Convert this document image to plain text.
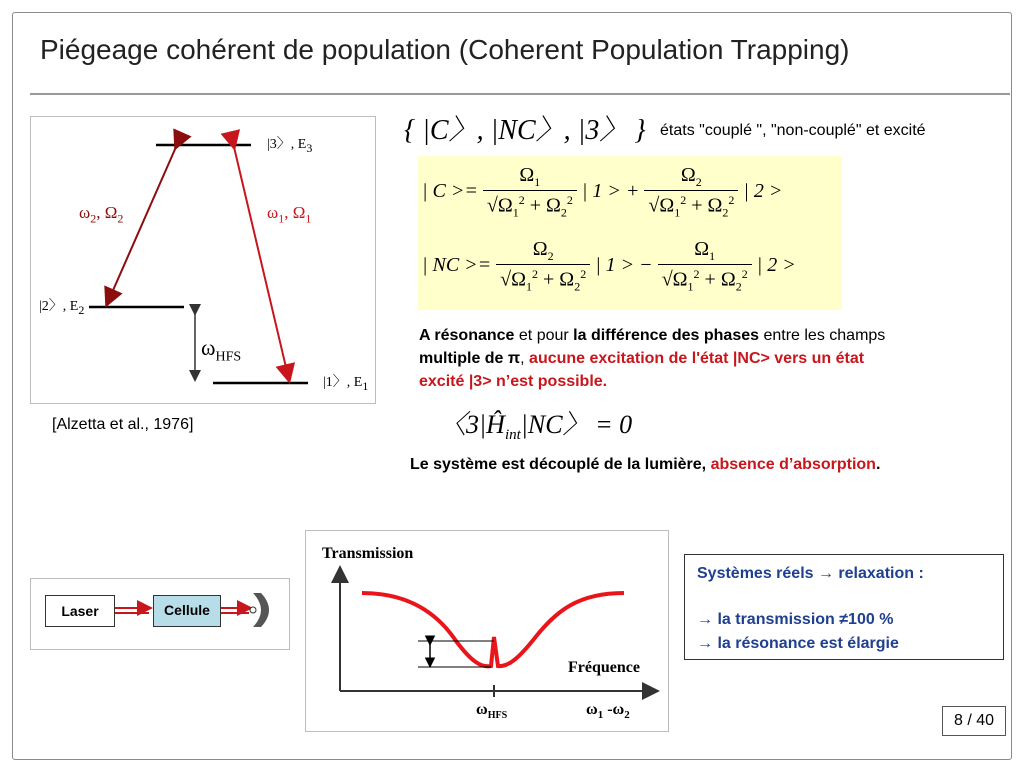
Piégeage cohérent de population (Coherent Population Trapping)
|3〉, $E_3$
|2〉, $E_2$
|1〉, $E_1$
$\omega_2$, $\Omega_2$	$\omega_1$, $\Omega_1$
$\omega_{HFS}$
[Alzetta et al., 1976]
{ |C〉, |NC〉, |3〉 } états "couplé ", "non-couplé" et excité
| $C >= \frac{\Omega_1}{√\Omega_1^2 + \Omega_2^2}$ | 1 > + $\frac{\Omega_2}{√\Omega_1^2 + \Omega_2^2}$ | 2 >
| NC >= $\frac{\Omega_2}{√\Omega_1^2 + \Omega_2^2}$ | 1 > − $\frac{\Omega_1}{√\Omega_1^2 + \Omega_2^2}$ | 2 >
A résonance et pour la différence des phases entre les champs
multiple de π, aucune excitation de l'état |NC> vers un état
excité |3> n’est possible.
〈$3|Ĥ_{int}|NC$〉 = 0
Le système est découplé de la lumière, absence d’absorption.
Laser	Cellule
Transmission
Fréquence
$\omega_{HFS}$	$\omega_1$ $-\omega_2$
Systèmes réels → relaxation :
→ la transmission ≠100 %
→ la résonance est élargie
8 / 40
